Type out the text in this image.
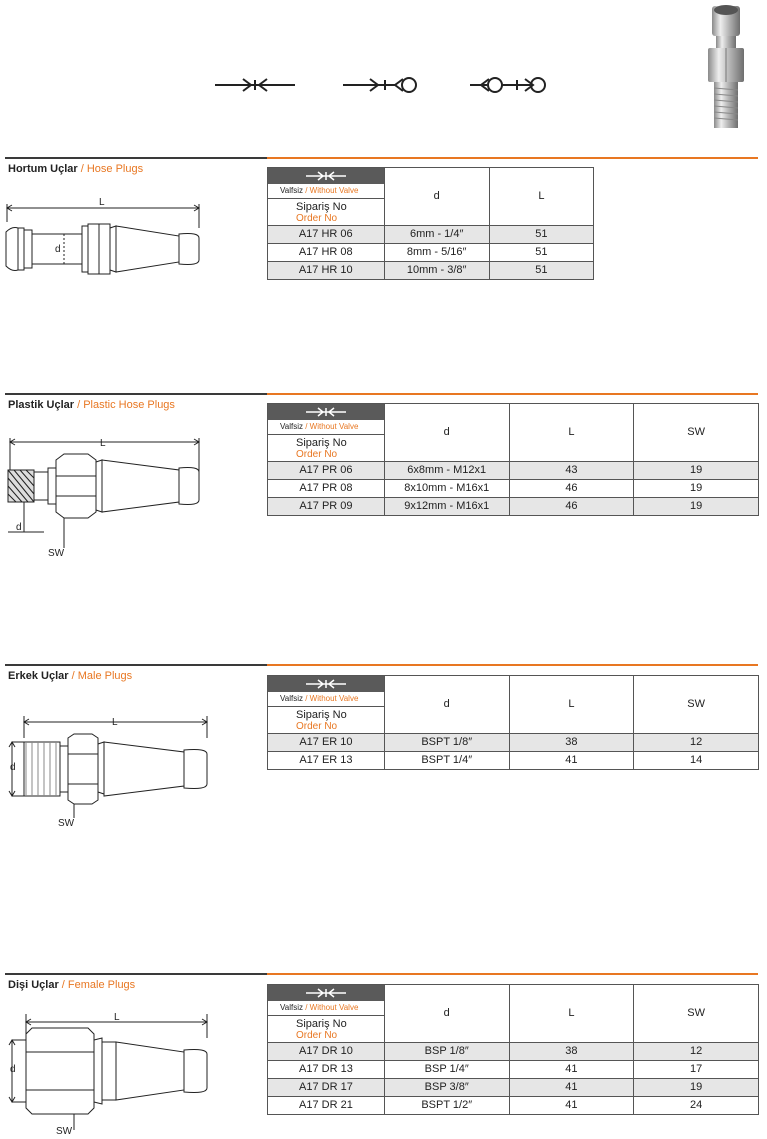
Hortum Uçlar / Hose Plugs
L
d
Valfsiz / Without Valve
Sipariş No
Order No	d	L
A17 HR 06	6mm - 1/4″	51
A17 HR 08	8mm - 5/16″	51
A17 HR 10	10mm - 3/8″	51
Plastik Uçlar / Plastic Hose Plugs
L
d
SW
Valfsiz / Without Valve
Sipariş No
Order No	d	L	SW
A17 PR 06	6x8mm - M12x1	43	19
A17 PR 08	8x10mm - M16x1	46	19
A17 PR 09	9x12mm - M16x1	46	19
Erkek Uçlar / Male Plugs
L
d
SW
Valfsiz / Without Valve
Sipariş No
Order No	d	L	SW
A17 ER 10	BSPT 1/8″	38	12
A17 ER 13	BSPT 1/4″	41	14
Dişi Uçlar / Female Plugs
L
d
SW
Valfsiz / Without Valve
Sipariş No
Order No	d	L	SW
A17 DR 10	BSP 1/8″	38	12
A17 DR 13	BSP 1/4″	41	17
A17 DR 17	BSP 3/8″	41	19
A17 DR 21	BSPT 1/2″	41	24
